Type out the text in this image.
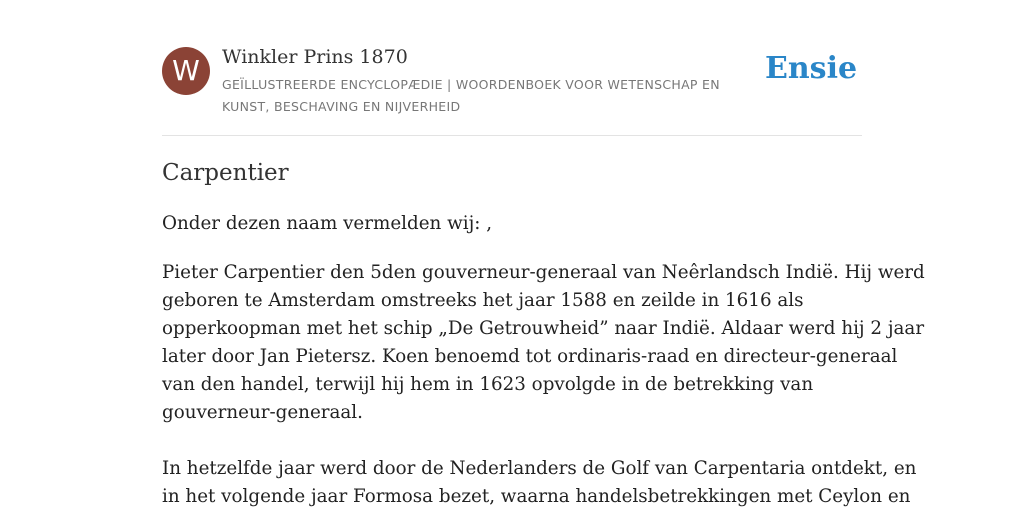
W	Winkler Prins 1870
GEÏLLUSTREERDE ENCYCLOPÆDIE | WOORDENBOEK VOOR WETENSCHAP EN KUNST, BESCHAVING EN NIJVERHEID
Ensie
Carpentier
Onder dezen naam vermelden wij: ,
Pieter Carpentier den 5den gouverneur-generaal van Neêrlandsch Indië. Hij werd
geboren te Amsterdam omstreeks het jaar 1588 en zeilde in 1616 als
opperkoopman met het schip „De Getrouwheid” naar Indië. Aldaar werd hij 2 jaar
later door Jan Pietersz. Koen benoemd tot ordinaris-raad en directeur-generaal
van den handel, terwijl hij hem in 1623 opvolgde in de betrekking van
gouverneur-generaal.
In hetzelfde jaar werd door de Nederlanders de Golf van Carpentaria ontdekt, en
in het volgende jaar Formosa bezet, waarna handelsbetrekkingen met Ceylon en
